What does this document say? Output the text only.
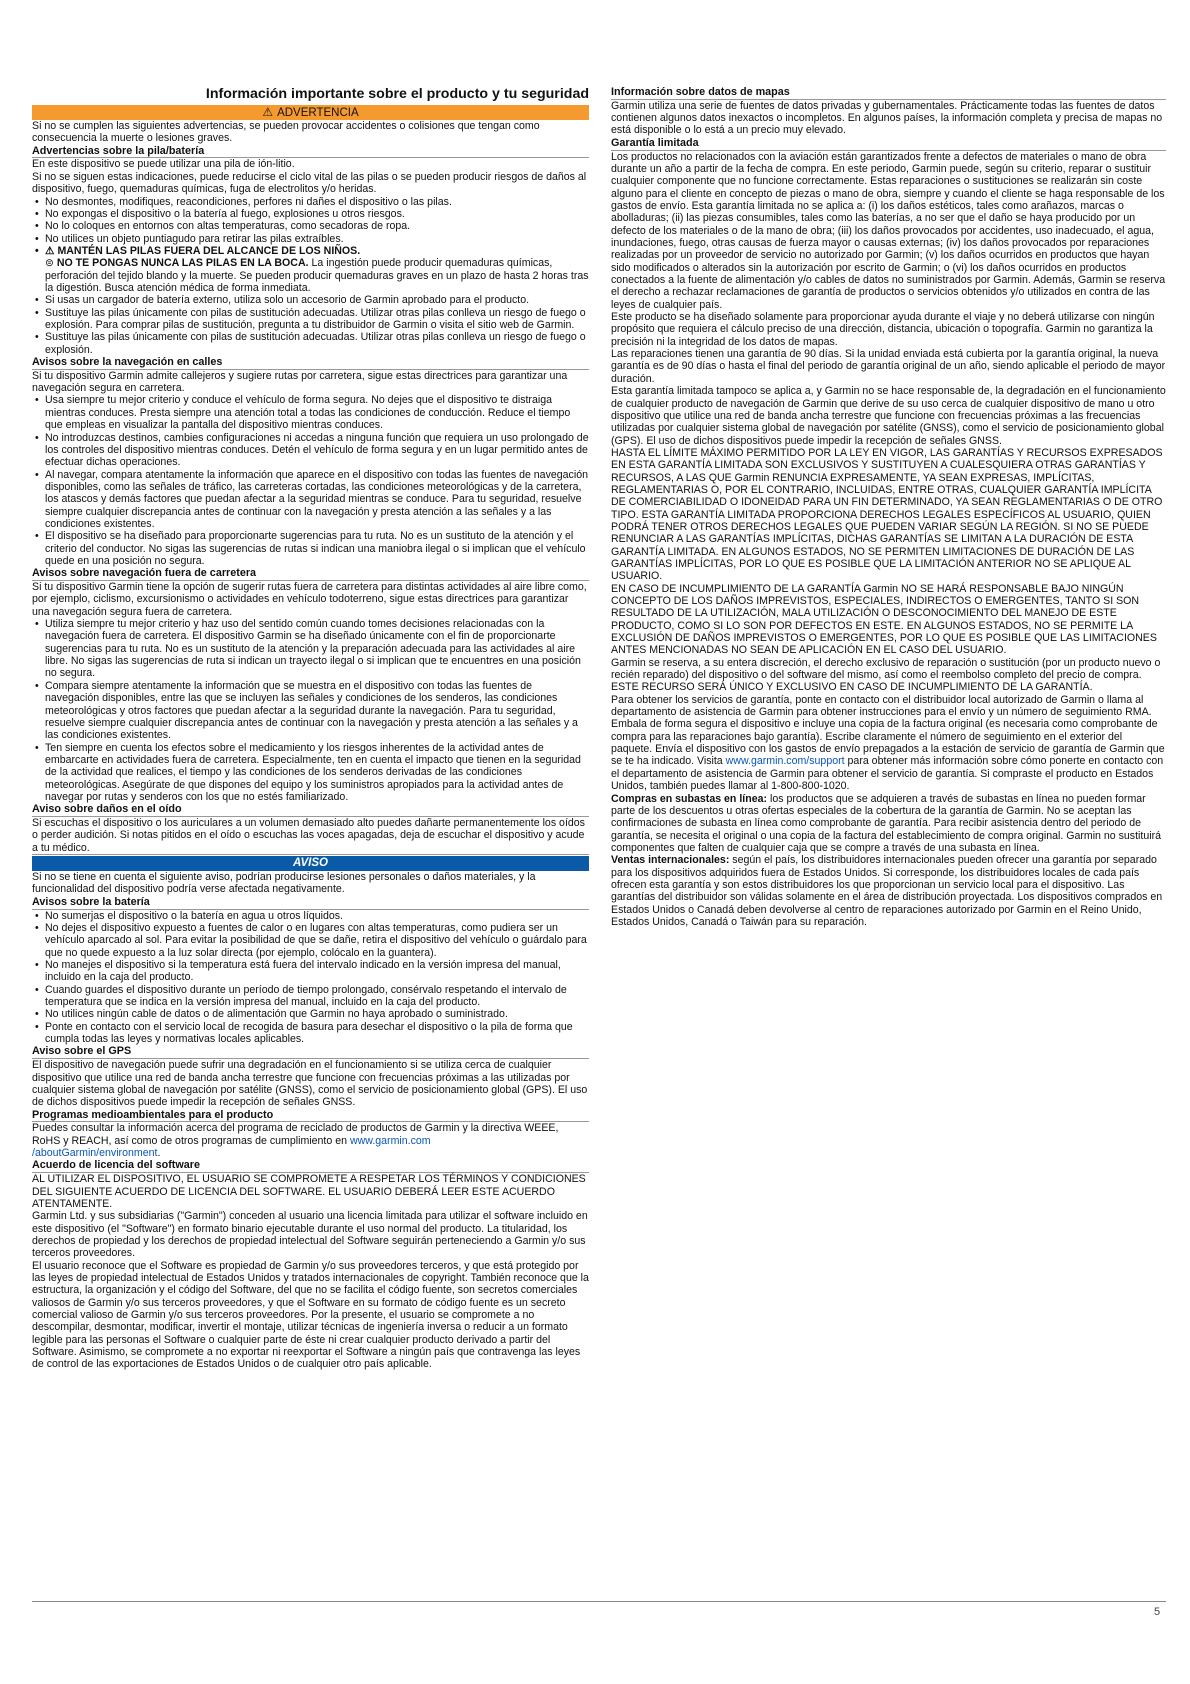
Información importante sobre el producto y tu seguridad
⚠ ADVERTENCIA

Si no se cumplen las siguientes advertencias, se pueden provocar accidentes o colisiones que tengan como consecuencia la muerte o lesiones graves.

Advertencias sobre la pila/batería

En este dispositivo se puede utilizar una pila de ión-litio.

Si no se siguen estas indicaciones, puede reducirse el ciclo vital de las pilas o se pueden producir riesgos de daños al dispositivo, fuego, quemaduras químicas, fuga de electrolitos y/o heridas.

• No desmontes, modifiques, reacondiciones, perfores ni dañes el dispositivo o las pilas.
• No expongas el dispositivo o la batería al fuego, explosiones u otros riesgos.
• No lo coloques en entornos con altas temperaturas, como secadoras de ropa.
• No utilices un objeto puntiagudo para retirar las pilas extraíbles.
• ⚠ MANTÉN LAS PILAS FUERA DEL ALCANCE DE LOS NIÑOS.
⊜ NO TE PONGAS NUNCA LAS PILAS EN LA BOCA. La ingestión puede producir quemaduras químicas, perforación del tejido blando y la muerte. Se pueden producir quemaduras graves en un plazo de hasta 2 horas tras la digestión. Busca atención médica de forma inmediata.
• Si usas un cargador de batería externo, utiliza solo un accesorio de Garmin aprobado para el producto.
• Sustituye las pilas únicamente con pilas de sustitución adecuadas. Utilizar otras pilas conlleva un riesgo de fuego o explosión. Para comprar pilas de sustitución, pregunta a tu distribuidor de Garmin o visita el sitio web de Garmin.
• Sustituye las pilas únicamente con pilas de sustitución adecuadas. Utilizar otras pilas conlleva un riesgo de fuego o explosión.
Avisos sobre la navegación en calles

Si tu dispositivo Garmin admite callejeros y sugiere rutas por carretera, sigue estas directrices para garantizar una navegación segura en carretera.

• Usa siempre tu mejor criterio y conduce el vehículo de forma segura. No dejes que el dispositivo te distraiga mientras conduces. Presta siempre una atención total a todas las condiciones de conducción. Reduce el tiempo que empleas en visualizar la pantalla del dispositivo mientras conduces.
• No introduzcas destinos, cambies configuraciones ni accedas a ninguna función que requiera un uso prolongado de los controles del dispositivo mientras conduces. Detén el vehículo de forma segura y en un lugar permitido antes de efectuar dichas operaciones.
• Al navegar, compara atentamente la información que aparece en el dispositivo con todas las fuentes de navegación disponibles, como las señales de tráfico, las carreteras cortadas, las condiciones meteorológicas y de la carretera, los atascos y demás factores que puedan afectar a la seguridad mientras se conduce. Para tu seguridad, resuelve siempre cualquier discrepancia antes de continuar con la navegación y presta atención a las señales y a las condiciones existentes.
• El dispositivo se ha diseñado para proporcionarte sugerencias para tu ruta. No es un sustituto de la atención y el criterio del conductor. No sigas las sugerencias de rutas si indican una maniobra ilegal o si implican que el vehículo quede en una posición no segura.
Avisos sobre navegación fuera de carretera

Si tu dispositivo Garmin tiene la opción de sugerir rutas fuera de carretera para distintas actividades al aire libre como, por ejemplo, ciclismo, excursionismo o actividades en vehículo todoterreno, sigue estas directrices para garantizar una navegación segura fuera de carretera.

• Utiliza siempre tu mejor criterio y haz uso del sentido común cuando tomes decisiones relacionadas con la navegación fuera de carretera. El dispositivo Garmin se ha diseñado únicamente con el fin de proporcionarte sugerencias para tu ruta. No es un sustituto de la atención y la preparación adecuada para las actividades al aire libre. No sigas las sugerencias de ruta si indican un trayecto ilegal o si implican que te encuentres en una posición no segura.
• Compara siempre atentamente la información que se muestra en el dispositivo con todas las fuentes de navegación disponibles, entre las que se incluyen las señales y condiciones de los senderos, las condiciones meteorológicas y otros factores que puedan afectar a la seguridad durante la navegación. Para tu seguridad, resuelve siempre cualquier discrepancia antes de continuar con la navegación y presta atención a las señales y a las condiciones existentes.
• Ten siempre en cuenta los efectos sobre el medicamiento y los riesgos inherentes de la actividad antes de embarcarte en actividades fuera de carretera. Especialmente, ten en cuenta el impacto que tienen en la seguridad de la actividad que realices, el tiempo y las condiciones de los senderos derivadas de las condiciones meteorológicas. Asegúrate de que dispones del equipo y los suministros apropiados para la actividad antes de navegar por rutas y senderos con los que no estés familiarizado.
Aviso sobre daños en el oído

Si escuchas el dispositivo o los auriculares a un volumen demasiado alto puedes dañarte permanentemente los oídos o perder audición. Si notas pitidos en el oído o escuchas las voces apagadas, deja de escuchar el dispositivo y acude a tu médico.

AVISO

Si no se tiene en cuenta el siguiente aviso, podrían producirse lesiones personales o daños materiales, y la funcionalidad del dispositivo podría verse afectada negativamente.

Avisos sobre la batería
• No sumerjas el dispositivo o la batería en agua u otros líquidos.
• No dejes el dispositivo expuesto a fuentes de calor o en lugares con altas temperaturas, como pudiera ser un vehículo aparcado al sol. Para evitar la posibilidad de que se dañe, retira el dispositivo del vehículo o guárdalo para que no quede expuesto a la luz solar directa (por ejemplo, colócalo en la guantera).
• No manejes el dispositivo si la temperatura está fuera del intervalo indicado en la versión impresa del manual, incluido en la caja del producto.
• Cuando guardes el dispositivo durante un período de tiempo prolongado, consérvalo respetando el intervalo de temperatura que se indica en la versión impresa del manual, incluido en la caja del producto.
• No utilices ningún cable de datos o de alimentación que Garmin no haya aprobado o suministrado.
• Ponte en contacto con el servicio local de recogida de basura para desechar el dispositivo o la pila de forma que cumpla todas las leyes y normativas locales aplicables.
Aviso sobre el GPS

El dispositivo de navegación puede sufrir una degradación en el funcionamiento si se utiliza cerca de cualquier dispositivo que utilice una red de banda ancha terrestre que funcione con frecuencias próximas a las utilizadas por cualquier sistema global de navegación por satélite (GNSS), como el servicio de posicionamiento global (GPS). El uso de dichos dispositivos puede impedir la recepción de señales GNSS.

Programas medioambientales para el producto

Puedes consultar la información acerca del programa de reciclado de productos de Garmin y la directiva WEEE, RoHS y REACH, así como de otros programas de cumplimiento en www.garmin.com
/aboutGarmin/environment.

Acuerdo de licencia del software

AL UTILIZAR EL DISPOSITIVO, EL USUARIO SE COMPROMETE A RESPETAR LOS TÉRMINOS Y CONDICIONES DEL SIGUIENTE ACUERDO DE LICENCIA DEL SOFTWARE. EL USUARIO DEBERÁ LEER ESTE ACUERDO ATENTAMENTE.

Garmin Ltd. y sus subsidiarias ("Garmin") conceden al usuario una licencia limitada para utilizar el software incluido en este dispositivo (el "Software") en formato binario ejecutable durante el uso normal del producto. La titularidad, los derechos de propiedad y los derechos de propiedad intelectual del Software seguirán perteneciendo a Garmin y/o sus terceros proveedores.

El usuario reconoce que el Software es propiedad de Garmin y/o sus proveedores terceros, y que está protegido por las leyes de propiedad intelectual de Estados Unidos y tratados internacionales de copyright. También reconoce que la estructura, la organización y el código del Software, del que no se facilita el código fuente, son secretos comerciales valiosos de Garmin y/o sus terceros proveedores, y que el Software en su formato de código fuente es un secreto comercial valioso de Garmin y/o sus terceros proveedores. Por la presente, el usuario se compromete a no descompilar, desmontar, modificar, invertir el montaje, utilizar técnicas de ingeniería inversa o reducir a un formato legible para las personas el Software o cualquier parte de éste ni crear cualquier producto derivado a partir del Software. Asimismo, se compromete a no exportar ni reexportar el Software a ningún país que contravenga las leyes de control de las exportaciones de Estados Unidos o de cualquier otro país aplicable.

Información sobre datos de mapas

Garmin utiliza una serie de fuentes de datos privadas y gubernamentales. Prácticamente todas las fuentes de datos contienen algunos datos inexactos o incompletos. En algunos países, la información completa y precisa de mapas no está disponible o lo está a un precio muy elevado.

Garantía limitada

Los productos no relacionados con la aviación están garantizados frente a defectos de materiales o mano de obra durante un año a partir de la fecha de compra. En este periodo, Garmin puede, según su criterio, reparar o sustituir cualquier componente que no funcione correctamente. Estas reparaciones o sustituciones se realizarán sin coste alguno para el cliente en concepto de piezas o mano de obra, siempre y cuando el cliente se haga responsable de los gastos de envío. Esta garantía limitada no se aplica a: (i) los daños estéticos, tales como arañazos, marcas o abolladuras; (ii) las piezas consumibles, tales como las baterías, a no ser que el daño se haya producido por un defecto de los materiales o de la mano de obra; (iii) los daños provocados por accidentes, uso inadecuado, el agua, inundaciones, fuego, otras causas de fuerza mayor o causas externas; (iv) los daños provocados por reparaciones realizadas por un proveedor de servicio no autorizado por Garmin; (v) los daños ocurridos en productos que hayan sido modificados o alterados sin la autorización por escrito de Garmin; o (vi) los daños ocurridos en productos conectados a la fuente de alimentación y/o cables de datos no suministrados por Garmin. Además, Garmin se reserva el derecho a rechazar reclamaciones de garantía de productos o servicios obtenidos y/o utilizados en contra de las leyes de cualquier país.

Este producto se ha diseñado solamente para proporcionar ayuda durante el viaje y no deberá utilizarse con ningún propósito que requiera el cálculo preciso de una dirección, distancia, ubicación o topografía. Garmin no garantiza la precisión ni la integridad de los datos de mapas.

Las reparaciones tienen una garantía de 90 días. Si la unidad enviada está cubierta por la garantía original, la nueva garantía es de 90 días o hasta el final del periodo de garantía original de un año, siendo aplicable el periodo de mayor duración.

Esta garantía limitada tampoco se aplica a, y Garmin no se hace responsable de, la degradación en el funcionamiento de cualquier producto de navegación de Garmin que derive de su uso cerca de cualquier dispositivo de mano u otro dispositivo que utilice una red de banda ancha terrestre que funcione con frecuencias próximas a las frecuencias utilizadas por cualquier sistema global de navegación por satélite (GNSS), como el servicio de posicionamiento global (GPS). El uso de dichos dispositivos puede impedir la recepción de señales GNSS.

HASTA EL LÍMITE MÁXIMO PERMITIDO POR LA LEY EN VIGOR, LAS GARANTÍAS Y RECURSOS EXPRESADOS EN ESTA GARANTÍA LIMITADA SON EXCLUSIVOS Y SUSTITUYEN A CUALESQUIERA OTRAS GARANTÍAS Y RECURSOS, A LAS QUE Garmin RENUNCIA EXPRESAMENTE, YA SEAN EXPRESAS, IMPLÍCITAS, REGLAMENTARIAS O, POR EL CONTRARIO, INCLUIDAS, ENTRE OTRAS, CUALQUIER GARANTÍA IMPLÍCITA DE COMERCIABILIDAD O IDONEIDAD PARA UN FIN DETERMINADO, YA SEAN REGLAMENTARIAS O DE OTRO TIPO. ESTA GARANTÍA LIMITADA PROPORCIONA DERECHOS LEGALES ESPECÍFICOS AL USUARIO, QUIEN PODRÁ TENER OTROS DERECHOS LEGALES QUE PUEDEN VARIAR SEGÚN LA REGIÓN. SI NO SE PUEDE RENUNCIAR A LAS GARANTÍAS IMPLÍCITAS, DICHAS GARANTÍAS SE LIMITAN A LA DURACIÓN DE ESTA GARANTÍA LIMITADA. EN ALGUNOS ESTADOS, NO SE PERMITEN LIMITACIONES DE DURACIÓN DE LAS GARANTÍAS IMPLÍCITAS, POR LO QUE ES POSIBLE QUE LA LIMITACIÓN ANTERIOR NO SE APLIQUE AL USUARIO.

EN CASO DE INCUMPLIMIENTO DE LA GARANTÍA Garmin NO SE HARÁ RESPONSABLE BAJO NINGÚN CONCEPTO DE LOS DAÑOS IMPREVISTOS, ESPECIALES, INDIRECTOS O EMERGENTES, TANTO SI SON RESULTADO DE LA UTILIZACIÓN, MALA UTILIZACIÓN O DESCONOCIMIENTO DEL MANEJO DE ESTE PRODUCTO, COMO SI LO SON POR DEFECTOS EN ESTE. EN ALGUNOS ESTADOS, NO SE PERMITE LA EXCLUSIÓN DE DAÑOS IMPREVISTOS O EMERGENTES, POR LO QUE ES POSIBLE QUE LAS LIMITACIONES ANTES MENCIONADAS NO SEAN DE APLICACIÓN EN EL CASO DEL USUARIO.

Garmin se reserva, a su entera discreción, el derecho exclusivo de reparación o sustitución (por un producto nuevo o recién reparado) del dispositivo o del software del mismo, así como el reembolso completo del precio de compra. ESTE RECURSO SERÁ ÚNICO Y EXCLUSIVO EN CASO DE INCUMPLIMIENTO DE LA GARANTÍA.

Para obtener los servicios de garantía, ponte en contacto con el distribuidor local autorizado de Garmin o llama al departamento de asistencia de Garmin para obtener instrucciones para el envío y un número de seguimiento RMA. Embala de forma segura el dispositivo e incluye una copia de la factura original (es necesaria como comprobante de compra para las reparaciones bajo garantía). Escribe claramente el número de seguimiento en el exterior del paquete. Envía el dispositivo con los gastos de envío prepagados a la estación de servicio de garantía de Garmin que se te ha indicado. Visita www.garmin.com/support para obtener más información sobre cómo ponerte en contacto con el departamento de asistencia de Garmin para obtener el servicio de garantía. Si compraste el producto en Estados Unidos, también puedes llamar al 1-800-800-1020.

Compras en subastas en línea: los productos que se adquieren a través de subastas en línea no pueden formar parte de los descuentos u otras ofertas especiales de la cobertura de la garantía de Garmin. No se aceptan las confirmaciones de subasta en línea como comprobante de garantía. Para recibir asistencia dentro del periodo de garantía, se necesita el original o una copia de la factura del establecimiento de compra original. Garmin no sustituirá componentes que falten de cualquier caja que se compre a través de una subasta en línea.

Ventas internacionales: según el país, los distribuidores internacionales pueden ofrecer una garantía por separado para los dispositivos adquiridos fuera de Estados Unidos. Si corresponde, los distribuidores locales de cada país ofrecen esta garantía y son estos distribuidores los que proporcionan un servicio local para el dispositivo. Las garantías del distribuidor son válidas solamente en el área de distribución proyectada. Los dispositivos comprados en Estados Unidos o Canadá deben devolverse al centro de reparaciones autorizado por Garmin en el Reino Unido, Estados Unidos, Canadá o Taiwán para su reparación.

5
